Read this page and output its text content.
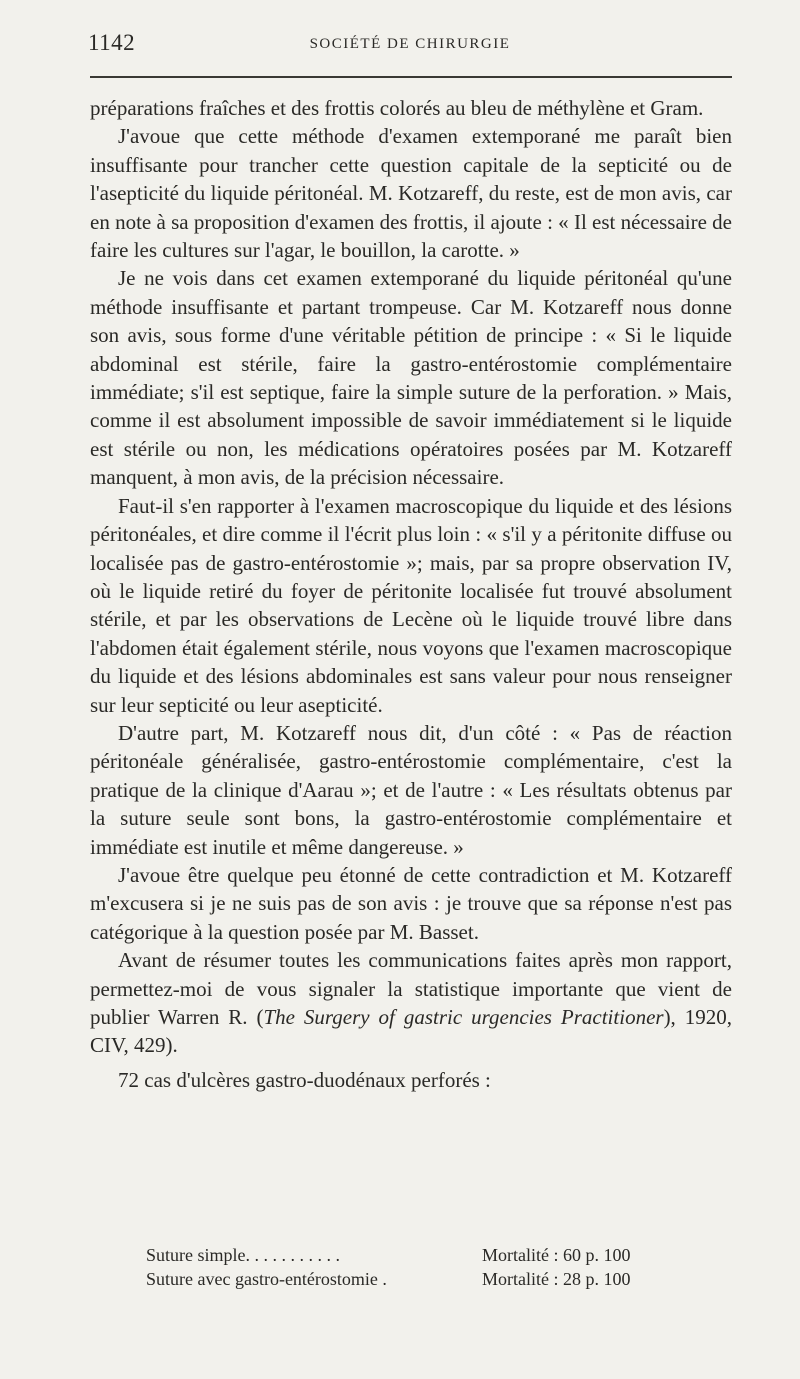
1142	SOCIÉTÉ DE CHIRURGIE

préparations fraîches et des frottis colorés au bleu de méthylène et Gram.

J'avoue que cette méthode d'examen extemporané me paraît bien insuffisante pour trancher cette question capitale de la septicité ou de l'asepticité du liquide péritonéal. M. Kotzareff, du reste, est de mon avis, car en note à sa proposition d'examen des frottis, il ajoute : « Il est nécessaire de faire les cultures sur l'agar, le bouillon, la carotte. »

Je ne vois dans cet examen extemporané du liquide péritonéal qu'une méthode insuffisante et partant trompeuse. Car M. Kotzareff nous donne son avis, sous forme d'une véritable pétition de principe : « Si le liquide abdominal est stérile, faire la gastro-entérostomie complémentaire immédiate; s'il est septique, faire la simple suture de la perforation. » Mais, comme il est absolument impossible de savoir immédiatement si le liquide est stérile ou non, les médications opératoires posées par M. Kotzareff manquent, à mon avis, de la précision nécessaire.

Faut-il s'en rapporter à l'examen macroscopique du liquide et des lésions péritonéales, et dire comme il l'écrit plus loin : « s'il y a péritonite diffuse ou localisée pas de gastro-entérostomie »; mais, par sa propre observation IV, où le liquide retiré du foyer de péritonite localisée fut trouvé absolument stérile, et par les observations de Lecène où le liquide trouvé libre dans l'abdomen était également stérile, nous voyons que l'examen macroscopique du liquide et des lésions abdominales est sans valeur pour nous renseigner sur leur septicité ou leur asepticité.

D'autre part, M. Kotzareff nous dit, d'un côté : « Pas de réaction péritonéale généralisée, gastro-entérostomie complémentaire, c'est la pratique de la clinique d'Aarau »; et de l'autre : « Les résultats obtenus par la suture seule sont bons, la gastro-entérostomie complémentaire et immédiate est inutile et même dangereuse. »

J'avoue être quelque peu étonné de cette contradiction et M. Kotzareff m'excusera si je ne suis pas de son avis : je trouve que sa réponse n'est pas catégorique à la question posée par M. Basset.

Avant de résumer toutes les communications faites après mon rapport, permettez-moi de vous signaler la statistique importante que vient de publier Warren R. (The Surgery of gastric urgencies Practitioner), 1920, CIV, 429).

72 cas d'ulcères gastro-duodénaux perforés :

Suture simple. . . . . . . . . . .	Mortalité : 60 p. 100
Suture avec gastro-entérostomie .	Mortalité : 28 p. 100
